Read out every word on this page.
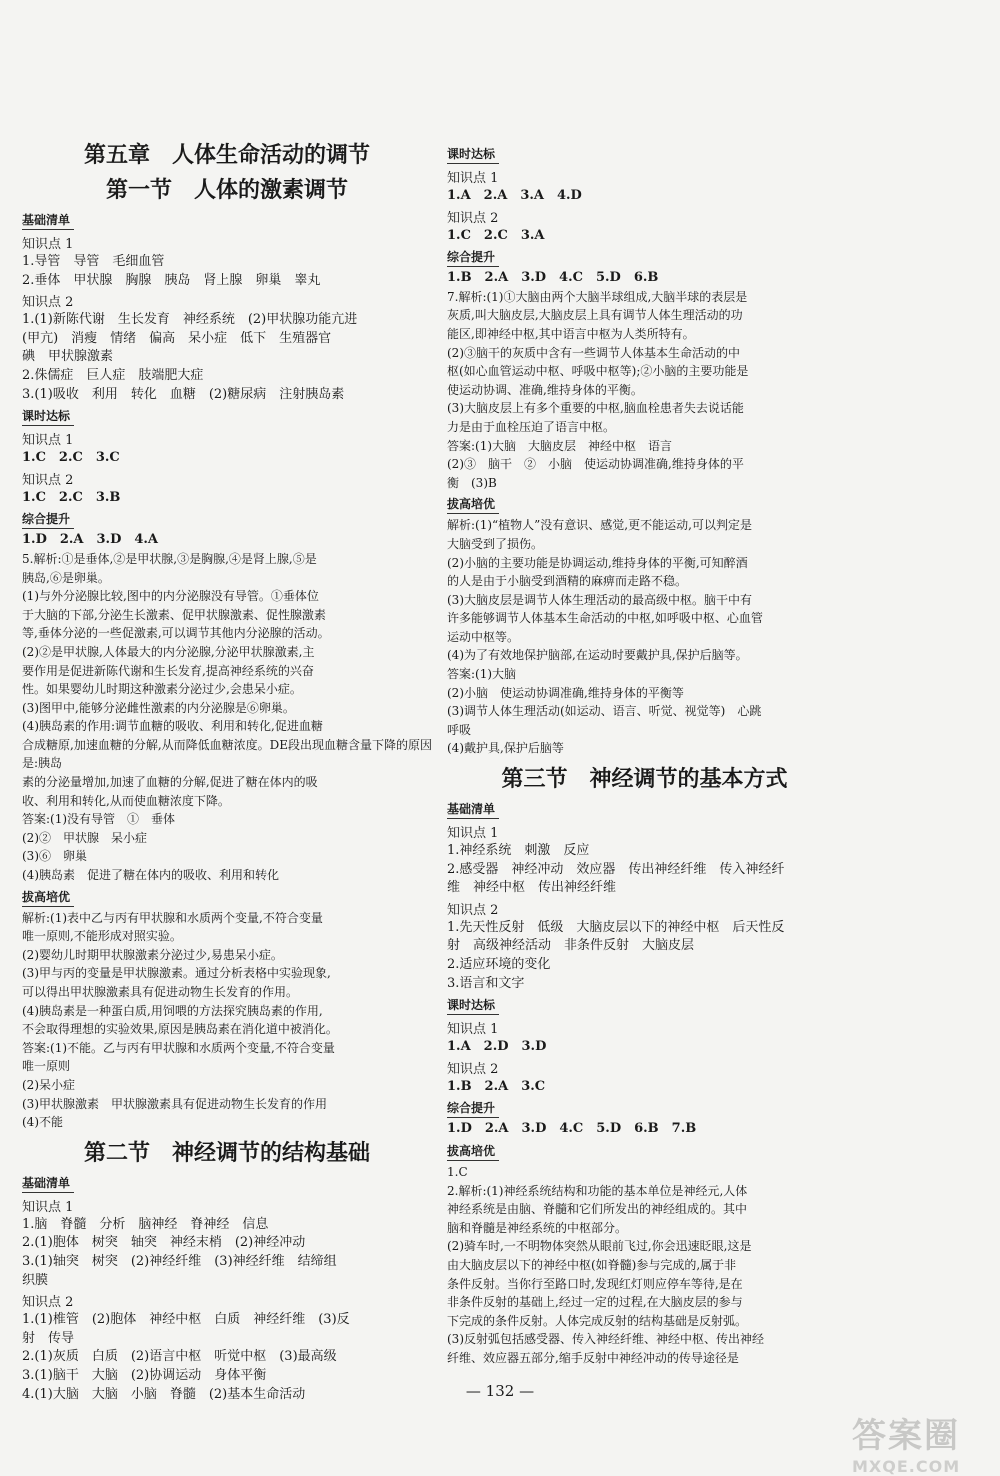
第五章　人体生命活动的调节
第一节　人体的激素调节
基础清单
知识点 1
1.导管　导管　毛细血管
2.垂体　甲状腺　胸腺　胰岛　肾上腺　卵巢　睾丸
知识点 2
1.(1)新陈代谢　生长发育　神经系统　(2)甲状腺功能亢进
(甲亢)　消瘦　情绪　偏高　呆小症　低下　生殖器官
碘　甲状腺激素
2.侏儒症　巨人症　肢端肥大症
3.(1)吸收　利用　转化　血糖　(2)糖尿病　注射胰岛素
课时达标
知识点 1
1.C　2.C　3.C
知识点 2
1.C　2.C　3.B
综合提升
1.D　2.A　3.D　4.A
5.解析:①是垂体,②是甲状腺,③是胸腺,④是肾上腺,⑤是
胰岛,⑥是卵巢。
(1)与外分泌腺比较,图中的内分泌腺没有导管。①垂体位
于大脑的下部,分泌生长激素、促甲状腺激素、促性腺激素
等,垂体分泌的一些促激素,可以调节其他内分泌腺的活动。
(2)②是甲状腺,人体最大的内分泌腺,分泌甲状腺激素,主
要作用是促进新陈代谢和生长发育,提高神经系统的兴奋
性。如果婴幼儿时期这种激素分泌过少,会患呆小症。
(3)图甲中,能够分泌雌性激素的内分泌腺是⑥卵巢。
(4)胰岛素的作用:调节血糖的吸收、利用和转化,促进血糖
合成糖原,加速血糖的分解,从而降低血糖浓度。DE段出现血糖含量下降的原因是:胰岛
素的分泌量增加,加速了血糖的分解,促进了糖在体内的吸
收、利用和转化,从而使血糖浓度下降。
答案:(1)没有导管　①　垂体
(2)②　甲状腺　呆小症
(3)⑥　卵巢
(4)胰岛素　促进了糖在体内的吸收、利用和转化
拔高培优
解析:(1)表中乙与丙有甲状腺和水质两个变量,不符合变量
唯一原则,不能形成对照实验。
(2)婴幼儿时期甲状腺激素分泌过少,易患呆小症。
(3)甲与丙的变量是甲状腺激素。通过分析表格中实验现象,
可以得出甲状腺激素具有促进动物生长发育的作用。
(4)胰岛素是一种蛋白质,用饲喂的方法探究胰岛素的作用,
不会取得理想的实验效果,原因是胰岛素在消化道中被消化。
答案:(1)不能。乙与丙有甲状腺和水质两个变量,不符合变量
唯一原则
(2)呆小症
(3)甲状腺激素　甲状腺激素具有促进动物生长发育的作用
(4)不能
第二节　神经调节的结构基础
基础清单
知识点 1
1.脑　脊髓　分析　脑神经　脊神经　信息
2.(1)胞体　树突　轴突　神经末梢　(2)神经冲动
3.(1)轴突　树突　(2)神经纤维　(3)神经纤维　结缔组
织膜
知识点 2
1.(1)椎管　(2)胞体　神经中枢　白质　神经纤维　(3)反
射　传导
2.(1)灰质　白质　(2)语言中枢　听觉中枢　(3)最高级
3.(1)脑干　大脑　(2)协调运动　身体平衡
4.(1)大脑　大脑　小脑　脊髓　(2)基本生命活动
课时达标
知识点 1
1.A　2.A　3.A　4.D
知识点 2
1.C　2.C　3.A
综合提升
1.B　2.A　3.D　4.C　5.D　6.B
7.解析:(1)①大脑由两个大脑半球组成,大脑半球的表层是
灰质,叫大脑皮层,大脑皮层上具有调节人体生理活动的功
能区,即神经中枢,其中语言中枢为人类所特有。
(2)③脑干的灰质中含有一些调节人体基本生命活动的中
枢(如心血管运动中枢、呼吸中枢等);②小脑的主要功能是
使运动协调、准确,维持身体的平衡。
(3)大脑皮层上有多个重要的中枢,脑血栓患者失去说话能
力是由于血栓压迫了语言中枢。
答案:(1)大脑　大脑皮层　神经中枢　语言
(2)③　脑干　②　小脑　使运动协调准确,维持身体的平
衡　(3)B
拔高培优
解析:(1)“植物人”没有意识、感觉,更不能运动,可以判定是
大脑受到了损伤。
(2)小脑的主要功能是协调运动,维持身体的平衡,可知醉酒
的人是由于小脑受到酒精的麻痹而走路不稳。
(3)大脑皮层是调节人体生理活动的最高级中枢。脑干中有
许多能够调节人体基本生命活动的中枢,如呼吸中枢、心血管
运动中枢等。
(4)为了有效地保护脑部,在运动时要戴护具,保护后脑等。
答案:(1)大脑
(2)小脑　使运动协调准确,维持身体的平衡等
(3)调节人体生理活动(如运动、语言、听觉、视觉等)　心跳
呼吸
(4)戴护具,保护后脑等
第三节　神经调节的基本方式
基础清单
知识点 1
1.神经系统　刺激　反应
2.感受器　神经冲动　效应器　传出神经纤维　传入神经纤
维　神经中枢　传出神经纤维
知识点 2
1.先天性反射　低级　大脑皮层以下的神经中枢　后天性反
射　高级神经活动　非条件反射　大脑皮层
2.适应环境的变化
3.语言和文字
课时达标
知识点 1
1.A　2.D　3.D
知识点 2
1.B　2.A　3.C
综合提升
1.D　2.A　3.D　4.C　5.D　6.B　7.B
拔高培优
1.C
2.解析:(1)神经系统结构和功能的基本单位是神经元,人体
神经系统是由脑、脊髓和它们所发出的神经组成的。其中
脑和脊髓是神经系统的中枢部分。
(2)骑车时,一不明物体突然从眼前飞过,你会迅速眨眼,这是
由大脑皮层以下的神经中枢(如脊髓)参与完成的,属于非
条件反射。当你行至路口时,发现红灯则应停车等待,是在
非条件反射的基础上,经过一定的过程,在大脑皮层的参与
下完成的条件反射。人体完成反射的结构基础是反射弧。
(3)反射弧包括感受器、传入神经纤维、神经中枢、传出神经
纤维、效应器五部分,缩手反射中神经冲动的传导途径是
— 132 —
答案圈
MXQE.COM
